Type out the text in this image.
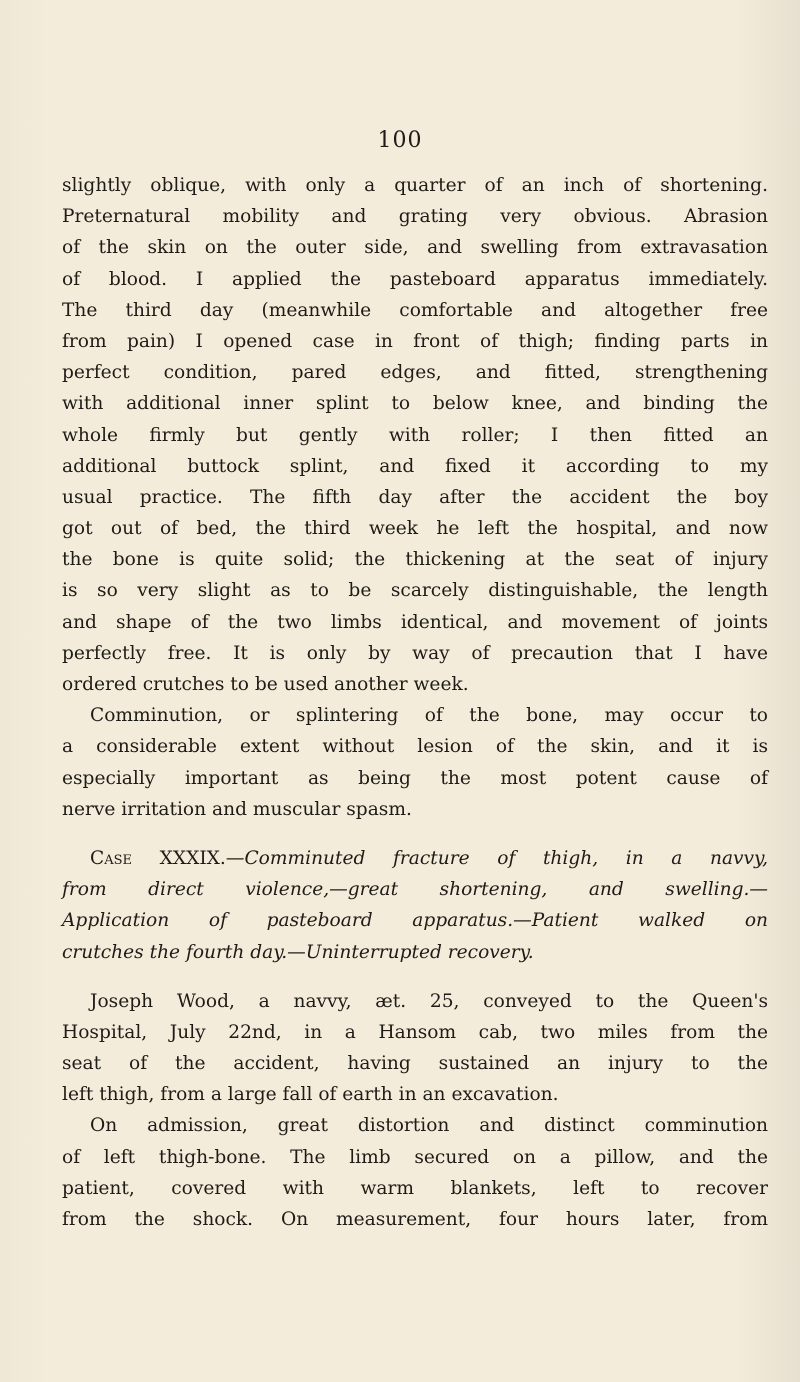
100
slightly oblique, with only a quarter of an inch of shortening.
Preternatural mobility and grating very obvious. Abrasion
of the skin on the outer side, and swelling from extravasation
of blood. I applied the pasteboard apparatus immediately.
The third day (meanwhile comfortable and altogether free
from pain) I opened case in front of thigh; finding parts in
perfect condition, pared edges, and fitted, strengthening
with additional inner splint to below knee, and binding the
whole firmly but gently with roller; I then fitted an
additional buttock splint, and fixed it according to my
usual practice. The fifth day after the accident the boy
got out of bed, the third week he left the hospital, and now
the bone is quite solid; the thickening at the seat of injury
is so very slight as to be scarcely distinguishable, the length
and shape of the two limbs identical, and movement of joints
perfectly free. It is only by way of precaution that I have
ordered crutches to be used another week.
Comminution, or splintering of the bone, may occur to
a considerable extent without lesion of the skin, and it is
especially important as being the most potent cause of
nerve irritation and muscular spasm.
Case XXXIX.—Comminuted fracture of thigh, in a navvy,
from direct violence,—great shortening, and swelling.—
Application of pasteboard apparatus.—Patient walked on
crutches the fourth day.—Uninterrupted recovery.
Joseph Wood, a navvy, æt. 25, conveyed to the Queen's
Hospital, July 22nd, in a Hansom cab, two miles from the
seat of the accident, having sustained an injury to the
left thigh, from a large fall of earth in an excavation.
On admission, great distortion and distinct comminution
of left thigh-bone. The limb secured on a pillow, and the
patient, covered with warm blankets, left to recover
from the shock. On measurement, four hours later, from
